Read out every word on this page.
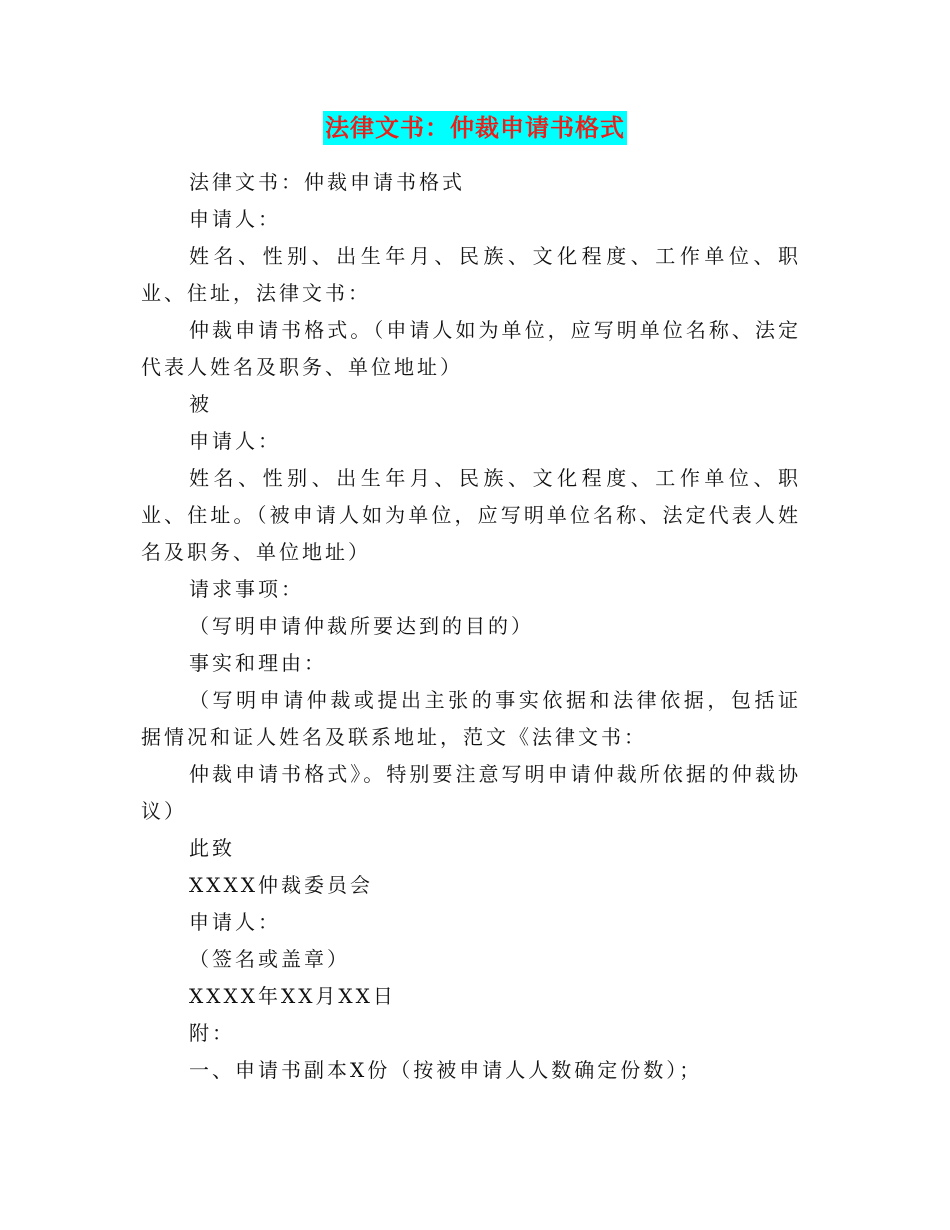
法律文书：仲裁申请书格式

法律文书：仲裁申请书格式

申请人：

姓名、性别、出生年月、民族、文化程度、工作单位、职业、住址，法律文书：

仲裁申请书格式。（申请人如为单位，应写明单位名称、法定代表人姓名及职务、单位地址）

被

申请人：

姓名、性别、出生年月、民族、文化程度、工作单位、职业、住址。（被申请人如为单位，应写明单位名称、法定代表人姓名及职务、单位地址）

请求事项：

（写明申请仲裁所要达到的目的）

事实和理由：

（写明申请仲裁或提出主张的事实依据和法律依据，包括证据情况和证人姓名及联系地址，范文《法律文书：

仲裁申请书格式》。特别要注意写明申请仲裁所依据的仲裁协议）

此致

XXXX仲裁委员会

申请人：

（签名或盖章）

XXXX年XX月XX日

附：

一、申请书副本X份（按被申请人人数确定份数）；
